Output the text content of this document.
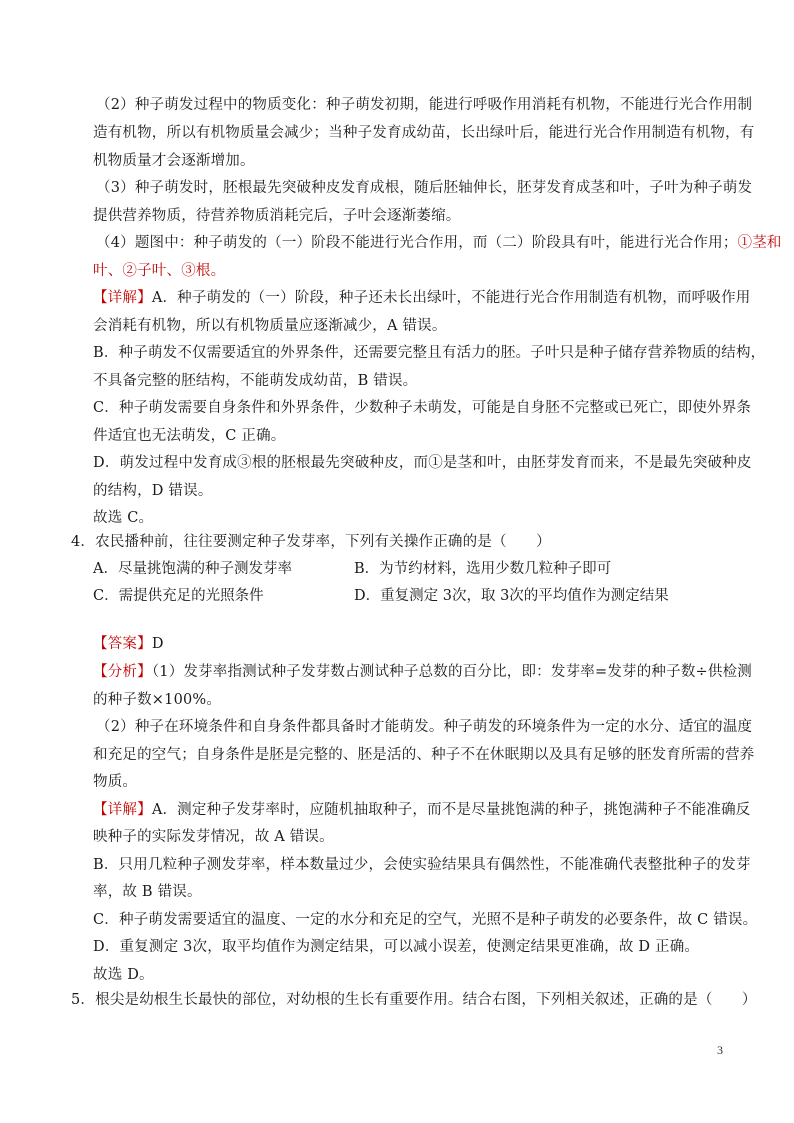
（2）种子萌发过程中的物质变化：种子萌发初期，能进行呼吸作用消耗有机物，不能进行光合作用制
造有机物，所以有机物质量会减少；当种子发育成幼苗，长出绿叶后，能进行光合作用制造有机物，有
机物质量才会逐渐增加。
（3）种子萌发时，胚根最先突破种皮发育成根，随后胚轴伸长，胚芽发育成茎和叶，子叶为种子萌发
提供营养物质，待营养物质消耗完后，子叶会逐渐萎缩。
（4）题图中：种子萌发的（一）阶段不能进行光合作用，而（二）阶段具有叶，能进行光合作用；①茎和
叶、②子叶、③根。
【详解】A．种子萌发的（一）阶段，种子还未长出绿叶，不能进行光合作用制造有机物，而呼吸作用
会消耗有机物，所以有机物质量应逐渐减少，A 错误。
B．种子萌发不仅需要适宜的外界条件，还需要完整且有活力的胚。子叶只是种子储存营养物质的结构，
不具备完整的胚结构，不能萌发成幼苗，B 错误。
C．种子萌发需要自身条件和外界条件，少数种子未萌发，可能是自身胚不完整或已死亡，即使外界条
件适宜也无法萌发，C 正确。
D．萌发过程中发育成③根的胚根最先突破种皮，而①是茎和叶，由胚芽发育而来，不是最先突破种皮
的结构，D 错误。
故选 C。
4．农民播种前，往往要测定种子发芽率，下列有关操作正确的是（　　）
【答案】D
【分析】（1）发芽率指测试种子发芽数占测试种子总数的百分比，即：发芽率=发芽的种子数÷供检测
的种子数×100%。
（2）种子在环境条件和自身条件都具备时才能萌发。种子萌发的环境条件为一定的水分、适宜的温度
和充足的空气；自身条件是胚是完整的、胚是活的、种子不在休眠期以及具有足够的胚发育所需的营养
物质。
【详解】A．测定种子发芽率时，应随机抽取种子，而不是尽量挑饱满的种子，挑饱满种子不能准确反
映种子的实际发芽情况，故 A 错误。
B．只用几粒种子测发芽率，样本数量过少，会使实验结果具有偶然性，不能准确代表整批种子的发芽
率，故 B 错误。
C．种子萌发需要适宜的温度、一定的水分和充足的空气，光照不是种子萌发的必要条件，故 C 错误。
D．重复测定 3次，取平均值作为测定结果，可以减小误差，使测定结果更准确，故 D 正确。
故选 D。
5．根尖是幼根生长最快的部位，对幼根的生长有重要作用。结合右图，下列相关叙述，正确的是（　　）
A．尽量挑饱满的种子测发芽率	B．为节约材料，选用少数几粒种子即可
C．需提供充足的光照条件	D．重复测定 3次，取 3次的平均值作为测定结果
3
